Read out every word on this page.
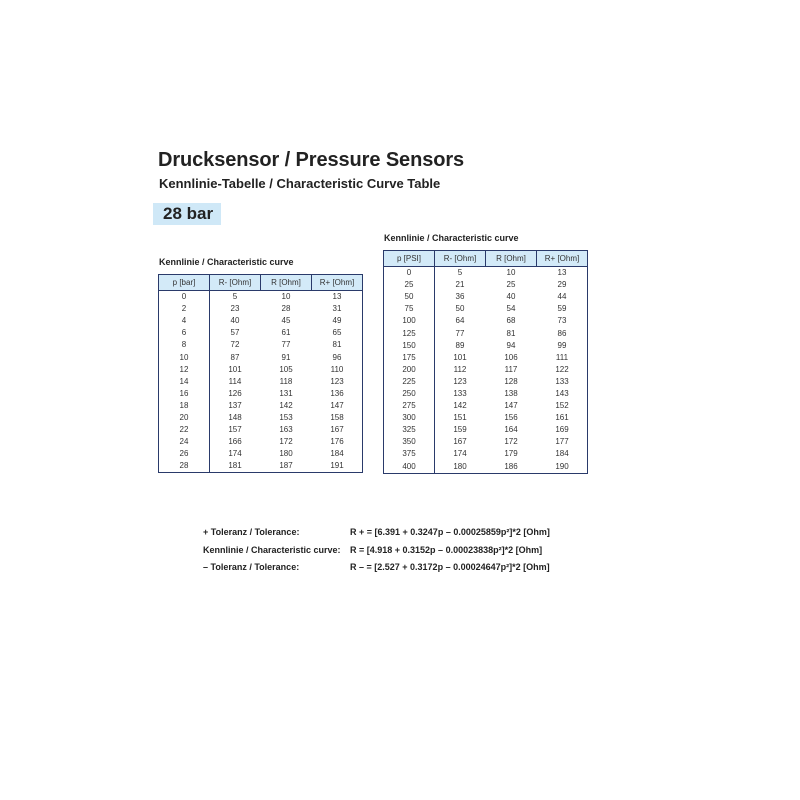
Drucksensor / Pressure Sensors
Kennlinie-Tabelle / Characteristic Curve Table
28 bar
Kennlinie / Characteristic curve
p [bar]	R- [Ohm]	R [Ohm]	R+ [Ohm]
0	5	10	13
2	23	28	31
4	40	45	49
6	57	61	65
8	72	77	81
10	87	91	96
12	101	105	110
14	114	118	123
16	126	131	136
18	137	142	147
20	148	153	158
22	157	163	167
24	166	172	176
26	174	180	184
28	181	187	191
Kennlinie / Characteristic curve
p [PSI]	R- [Ohm]	R [Ohm]	R+ [Ohm]
0	5	10	13
25	21	25	29
50	36	40	44
75	50	54	59
100	64	68	73
125	77	81	86
150	89	94	99
175	101	106	111
200	112	117	122
225	123	128	133
250	133	138	143
275	142	147	152
300	151	156	161
325	159	164	169
350	167	172	177
375	174	179	184
400	180	186	190
+ Toleranz / Tolerance:	R + = [6.391 + 0.3247p – 0.00025859p²]*2 [Ohm]
Kennlinie / Characteristic curve: R = [4.918 + 0.3152p – 0.00023838p²]*2 [Ohm]
– Toleranz / Tolerance:	R – = [2.527 + 0.3172p – 0.00024647p²]*2 [Ohm]
